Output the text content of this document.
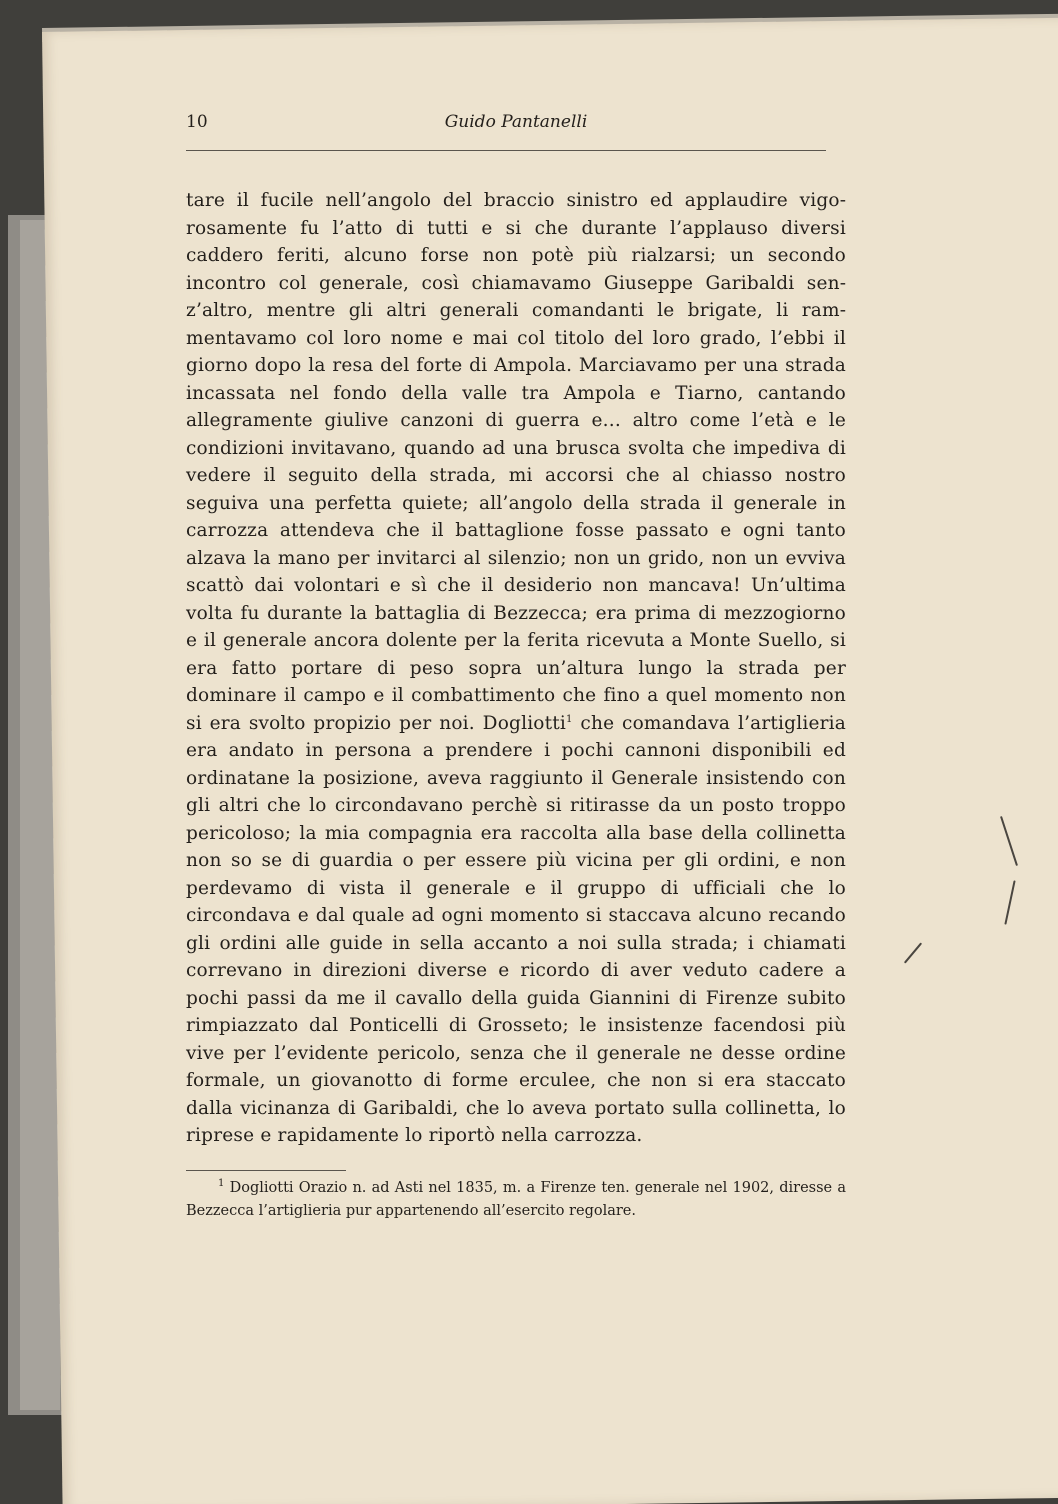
10	Guido Pantanelli

tare il fucile nell’angolo del braccio sinistro ed applaudire vigorosamente fu l’atto di tutti e si che durante l’applauso diversi caddero feriti, alcuno forse non potè più rialzarsi; un secondo incontro col generale, così chiamavamo Giuseppe Garibaldi senz’altro, mentre gli altri generali comandanti le brigate, li rammentavamo col loro nome e mai col titolo del loro grado, l’ebbi il giorno dopo la resa del forte di Ampola. Marciavamo per una strada incassata nel fondo della valle tra Ampola e Tiarno, cantando allegramente giulive canzoni di guerra e... altro come l’età e le condizioni invitavano, quando ad una brusca svolta che impediva di vedere il seguito della strada, mi accorsi che al chiasso nostro seguiva una perfetta quiete; all’angolo della strada il generale in carrozza attendeva che il battaglione fosse passato e ogni tanto alzava la mano per invitarci al silenzio; non un grido, non un evviva scattò dai volontari e sì che il desiderio non mancava! Un’ultima volta fu durante la battaglia di Bezzecca; era prima di mezzogiorno e il generale ancora dolente per la ferita ricevuta a Monte Suello, si era fatto portare di peso sopra un’altura lungo la strada per dominare il campo e il combattimento che fino a quel momento non si era svolto propizio per noi. Dogliotti$^1$ che comandava l’artiglieria era andato in persona a prendere i pochi cannoni disponibili ed ordinatane la posizione, aveva raggiunto il Generale insistendo con gli altri che lo circondavano perchè si ritirasse da un posto troppo pericoloso; la mia compagnia era raccolta alla base della collinetta non so se di guardia o per essere più vicina per gli ordini, e non perdevamo di vista il generale e il gruppo di ufficiali che lo circondava e dal quale ad ogni momento si staccava alcuno recando gli ordini alle guide in sella accanto a noi sulla strada; i chiamati correvano in direzioni diverse e ricordo di aver veduto cadere a pochi passi da me il cavallo della guida Giannini di Firenze subito rimpiazzato dal Ponticelli di Grosseto; le insistenze facendosi più vive per l’evidente pericolo, senza che il generale ne desse ordine formale, un giovanotto di forme erculee, che non si era staccato dalla vicinanza di Garibaldi, che lo aveva portato sulla collinetta, lo riprese e rapidamente lo riportò nella carrozza.

$^1$ Dogliotti Orazio n. ad Asti nel 1835, m. a Firenze ten. generale nel 1902, diresse a Bezzecca l’artiglieria pur appartenendo all’esercito regolare.
